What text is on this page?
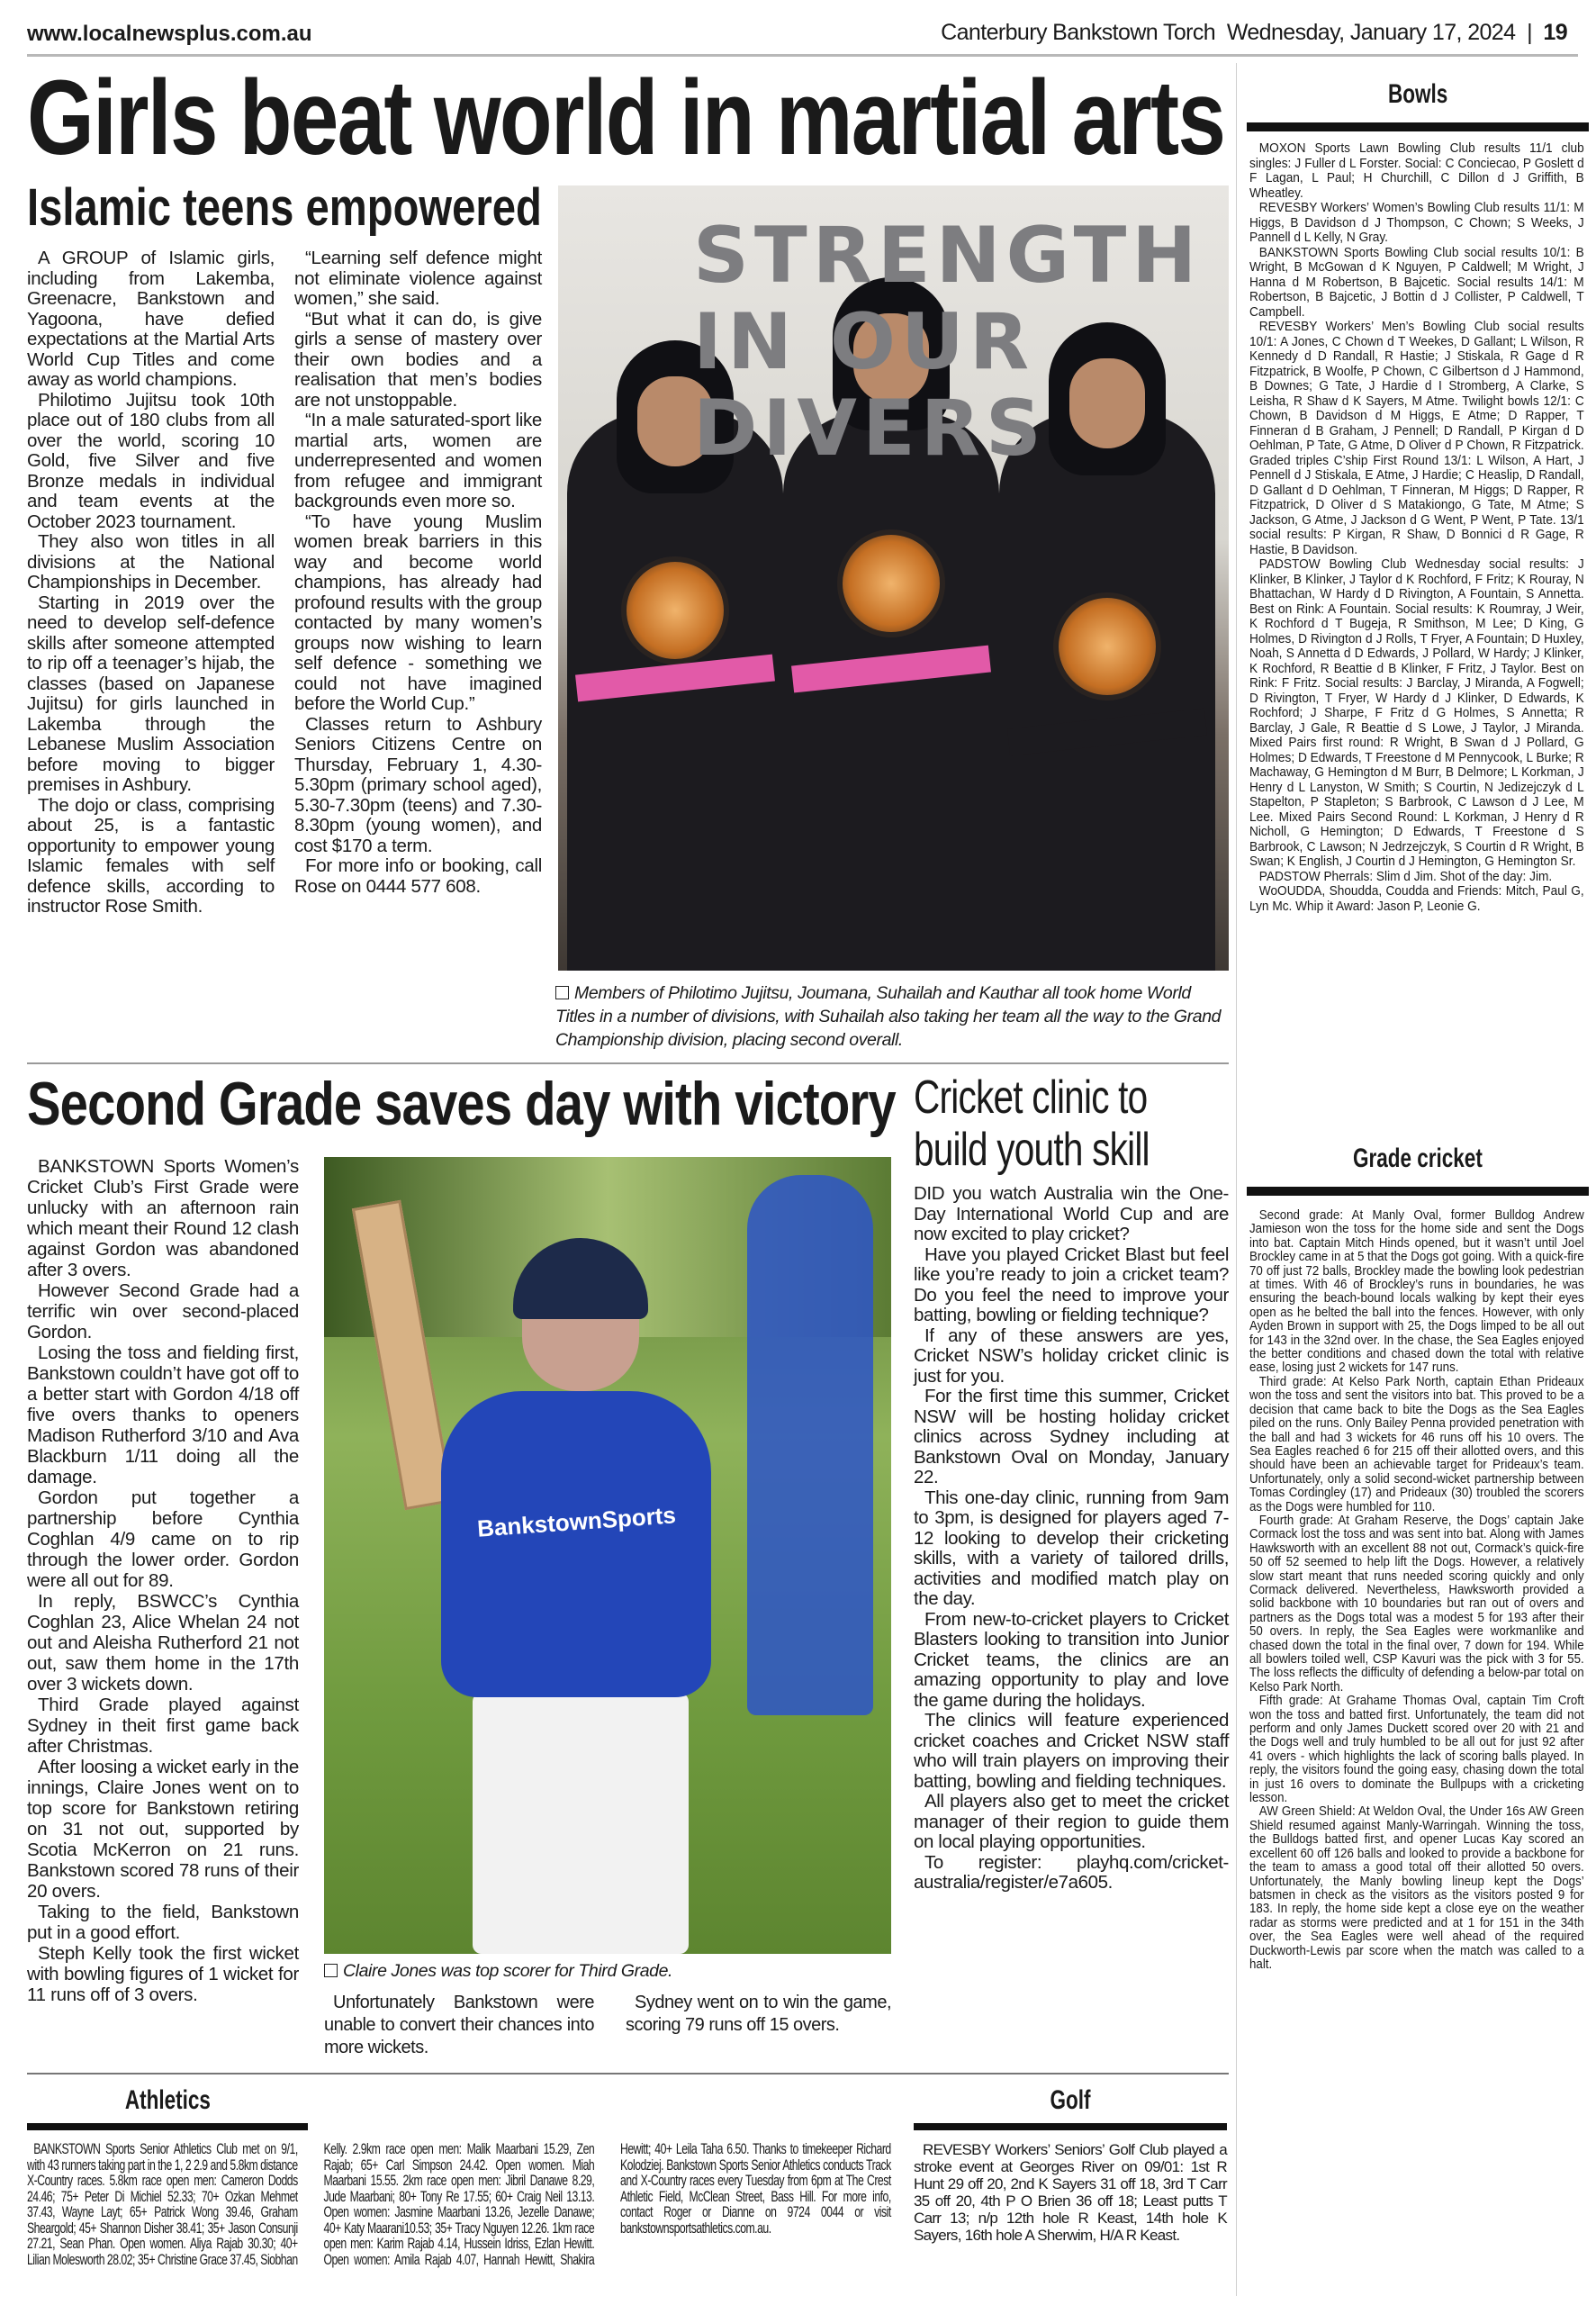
www.localnewsplus.com.au	Canterbury Bankstown Torch Wednesday, January 17, 2024 | 19
Girls beat world in martial arts
Islamic teens empowered

A GROUP of Islamic girls, including from Lakemba, Greenacre, Bankstown and Yagoona, have defied expectations at the Martial Arts World Cup Titles and come away as world champions.

Philotimo Jujitsu took 10th place out of 180 clubs from all over the world, scoring 10 Gold, five Silver and five Bronze medals in individual and team events at the October 2023 tournament.

They also won titles in all divisions at the National Championships in December.

Starting in 2019 over the need to develop self-defence skills after someone attempted to rip off a teenager’s hijab, the classes (based on Japanese Jujitsu) for girls launched in Lakemba through the Lebanese Muslim Association before moving to bigger premises in Ashbury.

The dojo or class, comprising about 25, is a fantastic opportunity to empower young Islamic females with self defence skills, according to instructor Rose Smith.

“Learning self defence might not eliminate violence against women,” she said.

“But what it can do, is give girls a sense of mastery over their own bodies and a realisation that men’s bodies are not unstoppable.

“In a male saturated-sport like martial arts, women are underrepresented and women from refugee and immigrant backgrounds even more so.

“To have young Muslim women break barriers in this way and become world champions, has already had profound results with the group contacted by many women’s groups now wishing to learn self defence - something we could not have imagined before the World Cup.”

Classes return to Ashbury Seniors Citizens Centre on Thursday, February 1, 4.30-5.30pm (primary school aged), 5.30-7.30pm (teens) and 7.30-8.30pm (young women), and cost $170 a term.

For more info or booking, call Rose on 0444 577 608.

STRENGTH IN OUR DIVERS
Members of Philotimo Jujitsu, Joumana, Suhailah and Kauthar all took home World Titles in a number of divisions, with Suhailah also taking her team all the way to the Grand Championship division, placing second overall.
Second Grade saves day with victory

BANKSTOWN Sports Women’s Cricket Club’s First Grade were unlucky with an afternoon rain which meant their Round 12 clash against Gordon was abandoned after 3 overs.

However Second Grade had a terrific win over second-placed Gordon.

Losing the toss and fielding first, Bankstown couldn’t have got off to a better start with Gordon 4/18 off five overs thanks to openers Madison Rutherford 3/10 and Ava Blackburn 1/11 doing all the damage.

Gordon put together a partnership before Cynthia Coghlan 4/9 came on to rip through the lower order. Gordon were all out for 89.

In reply, BSWCC’s Cynthia Coghlan 23, Alice Whelan 24 not out and Aleisha Rutherford 21 not out, saw them home in the 17th over 3 wickets down.

Third Grade played against Sydney in theit first game back after Christmas.

After loosing a wicket early in the innings, Claire Jones went on to top score for Bankstown retiring on 31 not out, supported by Scotia McKerron on 21 runs. Bankstown scored 78 runs of their 20 overs.

Taking to the field, Bankstown put in a good effort.

Steph Kelly took the first wicket with bowling figures of 1 wicket for 11 runs off of 3 overs.

BankstownSports
Claire Jones was top scorer for Third Grade.

Unfortunately Bankstown were unable to convert their chances into more wickets.

Sydney went on to win the game, scoring 79 runs off 15 overs.

Cricket clinic to build youth skill

DID you watch Australia win the One-Day International World Cup and are now excited to play cricket?

Have you played Cricket Blast but feel like you’re ready to join a cricket team? Do you feel the need to improve your batting, bowling or fielding technique?

If any of these answers are yes, Cricket NSW’s holiday cricket clinic is just for you.

For the first time this summer, Cricket NSW will be hosting holiday cricket clinics across Sydney including at Bankstown Oval on Monday, January 22.

This one-day clinic, running from 9am to 3pm, is designed for players aged 7-12 looking to develop their cricketing skills, with a variety of tailored drills, activities and modified match play on the day.

From new-to-cricket players to Cricket Blasters looking to transition into Junior Cricket teams, the clinics are an amazing opportunity to play and love the game during the holidays.

The clinics will feature experienced cricket coaches and Cricket NSW staff who will train players on improving their batting, bowling and fielding techniques.

All players also get to meet the cricket manager of their region to guide them on local playing opportunities.

To register: playhq.com/cricket-australia/register/e7a605.

Bowls

MOXON Sports Lawn Bowling Club results 11/1 club singles: J Fuller d L Forster. Social: C Conciecao, P Goslett d F Lagan, L Paul; H Churchill, C Dillon d J Griffith, B Wheatley.

REVESBY Workers’ Women’s Bowling Club results 11/1: M Higgs, B Davidson d J Thompson, C Chown; S Weeks, J Pannell d L Kelly, N Gray.

BANKSTOWN Sports Bowling Club social results 10/1: B Wright, B McGowan d K Nguyen, P Caldwell; M Wright, J Hanna d M Robertson, B Bajcetic. Social results 14/1: M Robertson, B Bajcetic, J Bottin d J Collister, P Caldwell, T Campbell.

REVESBY Workers’ Men’s Bowling Club social results 10/1: A Jones, C Chown d T Weekes, D Gallant; L Wilson, R Kennedy d D Randall, R Hastie; J Stiskala, R Gage d R Fitzpatrick, B Woolfe, P Chown, C Gilbertson d J Hammond, B Downes; G Tate, J Hardie d I Stromberg, A Clarke, S Leisha, R Shaw d K Sayers, M Atme. Twilight bowls 12/1: C Chown, B Davidson d M Higgs, E Atme; D Rapper, T Finneran d B Graham, J Pennell; D Randall, P Kirgan d D Oehlman, P Tate, G Atme, D Oliver d P Chown, R Fitzpatrick. Graded triples C’ship First Round 13/1: L Wilson, A Hart, J Pennell d J Stiskala, E Atme, J Hardie; C Heaslip, D Randall, D Gallant d D Oehlman, T Finneran, M Higgs; D Rapper, R Fitzpatrick, D Oliver d S Matakiongo, G Tate, M Atme; S Jackson, G Atme, J Jackson d G Went, P Went, P Tate. 13/1 social results: P Kirgan, R Shaw, D Bonnici d R Gage, R Hastie, B Davidson.

PADSTOW Bowling Club Wednesday social results: J Klinker, B Klinker, J Taylor d K Rochford, F Fritz; K Rouray, N Bhattachan, W Hardy d D Rivington, A Fountain, S Annetta. Best on Rink: A Fountain. Social results: K Roumray, J Weir, K Rochford d T Bugeja, R Smithson, M Lee; D King, G Holmes, D Rivington d J Rolls, T Fryer, A Fountain; D Huxley, Noah, S Annetta d D Edwards, J Pollard, W Hardy; J Klinker, K Rochford, R Beattie d B Klinker, F Fritz, J Taylor. Best on Rink: F Fritz. Social results: J Barclay, J Miranda, A Fogwell; D Rivington, T Fryer, W Hardy d J Klinker, D Edwards, K Rochford; J Sharpe, F Fritz d G Holmes, S Annetta; R Barclay, J Gale, R Beattie d S Lowe, J Taylor, J Miranda. Mixed Pairs first round: R Wright, B Swan d J Pollard, G Holmes; D Edwards, T Freestone d M Pennycook, L Burke; R Machaway, G Hemington d M Burr, B Delmore; L Korkman, J Henry d L Lanyston, W Smith; S Courtin, N Jedizejczyk d L Stapelton, P Stapleton; S Barbrook, C Lawson d J Lee, M Lee. Mixed Pairs Second Round: L Korkman, J Henry d R Nicholl, G Hemington; D Edwards, T Freestone d S Barbrook, C Lawson; N Jedrzejczyk, S Courtin d R Wright, B Swan; K English, J Courtin d J Hemington, G Hemington Sr.

PADSTOW Pherrals: Slim d Jim. Shot of the day: Jim.

WoOUDDA, Shoudda, Coudda and Friends: Mitch, Paul G, Lyn Mc. Whip it Award: Jason P, Leonie G.

Grade cricket

Second grade: At Manly Oval, former Bulldog Andrew Jamieson won the toss for the home side and sent the Dogs into bat. Captain Mitch Hinds opened, but it wasn’t until Joel Brockley came in at 5 that the Dogs got going. With a quick-fire 70 off just 72 balls, Brockley made the bowling look pedestrian at times. With 46 of Brockley’s runs in boundaries, he was ensuring the beach-bound locals walking by kept their eyes open as he belted the ball into the fences. However, with only Ayden Brown in support with 25, the Dogs limped to be all out for 143 in the 32nd over. In the chase, the Sea Eagles enjoyed the better conditions and chased down the total with relative ease, losing just 2 wickets for 147 runs.

Third grade: At Kelso Park North, captain Ethan Prideaux won the toss and sent the visitors into bat. This proved to be a decision that came back to bite the Dogs as the Sea Eagles piled on the runs. Only Bailey Penna provided penetration with the ball and had 3 wickets for 46 runs off his 10 overs. The Sea Eagles reached 6 for 215 off their allotted overs, and this should have been an achievable target for Prideaux’s team. Unfortunately, only a solid second-wicket partnership between Tomas Cordingley (17) and Prideaux (30) troubled the scorers as the Dogs were humbled for 110.

Fourth grade: At Graham Reserve, the Dogs’ captain Jake Cormack lost the toss and was sent into bat. Along with James Hawksworth with an excellent 88 not out, Cormack’s quick-fire 50 off 52 seemed to help lift the Dogs. However, a relatively slow start meant that runs needed scoring quickly and only Cormack delivered. Nevertheless, Hawksworth provided a solid backbone with 10 boundaries but ran out of overs and partners as the Dogs total was a modest 5 for 193 after their 50 overs. In reply, the Sea Eagles were workmanlike and chased down the total in the final over, 7 down for 194. While all bowlers toiled well, CSP Kavuri was the pick with 3 for 55. The loss reflects the difficulty of defending a below-par total on Kelso Park North.

Fifth grade: At Grahame Thomas Oval, captain Tim Croft won the toss and batted first. Unfortunately, the team did not perform and only James Duckett scored over 20 with 21 and the Dogs well and truly humbled to be all out for just 92 after 41 overs - which highlights the lack of scoring balls played. In reply, the visitors found the going easy, chasing down the total in just 16 overs to dominate the Bullpups with a cricketing lesson.

AW Green Shield: At Weldon Oval, the Under 16s AW Green Shield resumed against Manly-Warringah. Winning the toss, the Bulldogs batted first, and opener Lucas Kay scored an excellent 60 off 126 balls and looked to provide a backbone for the team to amass a good total off their allotted 50 overs. Unfortunately, the Manly bowling lineup kept the Dogs’ batsmen in check as the visitors as the visitors posted 9 for 183. In reply, the home side kept a close eye on the weather radar as storms were predicted and at 1 for 151 in the 34th over, the Sea Eagles were well ahead of the required Duckworth-Lewis par score when the match was called to a halt.

Athletics

BANKSTOWN Sports Senior Athletics Club met on 9/1, with 43 runners taking part in the 1, 2 2.9 and 5.8km distance X-Country races. 5.8km race open men: Cameron Dodds 24.46; 75+ Peter Di Michiel 52.33; 70+ Ozkan Mehmet 37.43, Wayne Layt; 65+ Patrick Wong 39.46, Graham Sheargold; 45+ Shannon Disher 38.41; 35+ Jason Consunji 27.21, Sean Phan. Open women. Aliya Rajab 30.30; 40+ Lilian Molesworth 28.02; 35+ Christine Grace 37.45, Siobhan Kelly. 2.9km race open men: Malik Maarbani 15.29, Zen Rajab; 65+ Carl Simpson 24.42. Open women. Miah Maarbani 15.55. 2km race open men: Jibril Danawe 8.29, Jude Maarbani; 80+ Tony Re 17.55; 60+ Craig Neil 13.13. Open women: Jasmine Maarbani 13.26, Jezelle Danawe; 40+ Katy Maarani10.53; 35+ Tracy Nguyen 12.26. 1km race open men: Karim Rajab 4.14, Hussein Idriss, Ezlan Hewitt. Open women: Amila Rajab 4.07, Hannah Hewitt, Shakira Hewitt; 40+ Leila Taha 6.50. Thanks to timekeeper Richard Kolodziej. Bankstown Sports Senior Athletics conducts Track and X-Country races every Tuesday from 6pm at The Crest Athletic Field, McClean Street, Bass Hill. For more info, contact Roger or Dianne on 9724 0044 or visit bankstownsportsathletics.com.au.

Golf

REVESBY Workers’ Seniors’ Golf Club played a stroke event at Georges River on 09/01: 1st R Hunt 29 off 20, 2nd K Sayers 31 off 18, 3rd T Carr 35 off 20, 4th P O Brien 36 off 18; Least putts T Carr 13; n/p 12th hole R Keast, 14th hole K Sayers, 16th hole A Sherwim, H/A R Keast.
